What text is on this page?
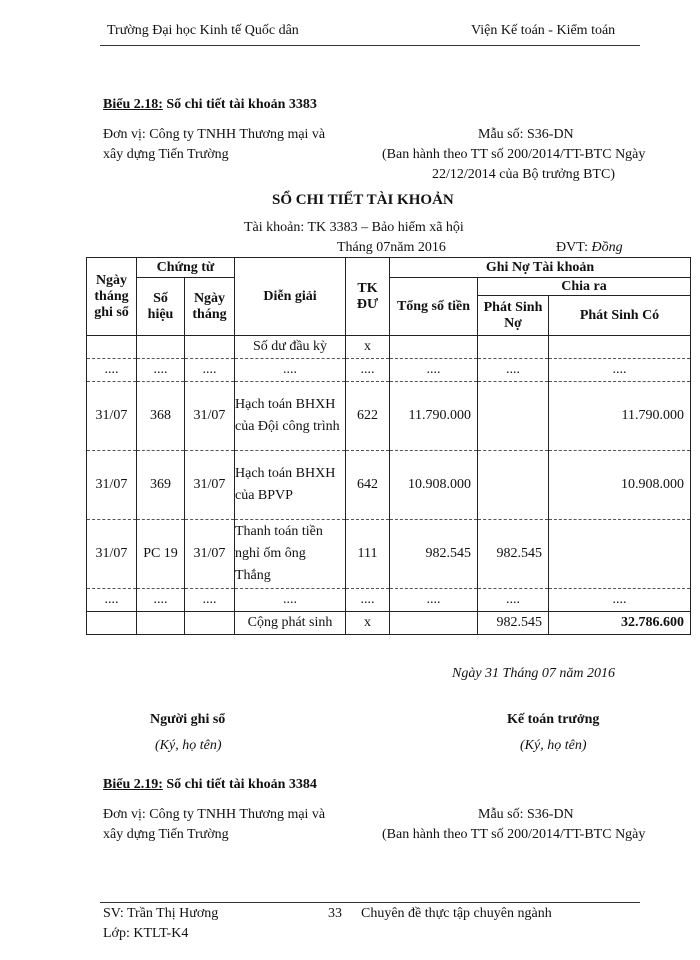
Trường Đại học Kinh tế Quốc dân	Viện Kế toán - Kiểm toán
Biểu 2.18: Sổ chi tiết tài khoản 3383
Đơn vị: Công ty TNHH Thương mại và
xây dựng Tiến Trường
Mẫu số: S36-DN
(Ban hành theo TT số 200/2014/TT-BTC Ngày
22/12/2014 của Bộ trưởng BTC)
SỔ CHI TIẾT TÀI KHOẢN
Tài khoản: TK 3383 – Bảo hiểm xã hội
Tháng 07năm 2016	ĐVT: Đồng
Ngày tháng ghi sổ	Chứng từ		Diễn giải	TK ĐƯ	Ghi Nợ Tài khoản		
	Số hiệu	Ngày tháng			Tổng số tiền	Chia ra	
						Phát Sinh Nợ	Phát Sinh Có
			Số dư đầu kỳ	x			
....	....	....	....	....	....	....	....
31/07	368	31/07	Hạch toán BHXH của Đội công trình	622	11.790.000		11.790.000
31/07	369	31/07	Hạch toán BHXH của BPVP	642	10.908.000		10.908.000
31/07	PC 19	31/07	Thanh toán tiền nghỉ ốm ông Thắng	111	982.545	982.545	
....	....	....	....	....	....	....	....
			Cộng phát sinh	x		982.545	32.786.600
Ngày 31 Tháng 07 năm 2016
Người ghi sổ
(Ký, họ tên)
Kế toán trưởng
(Ký, họ tên)
Biểu 2.19: Sổ chi tiết tài khoản 3384
Đơn vị: Công ty TNHH Thương mại và
xây dựng Tiến Trường
Mẫu số: S36-DN
(Ban hành theo TT số 200/2014/TT-BTC Ngày
SV: Trần Thị Hương	33 Chuyên đề thực tập chuyên ngành
Lớp: KTLT-K4
